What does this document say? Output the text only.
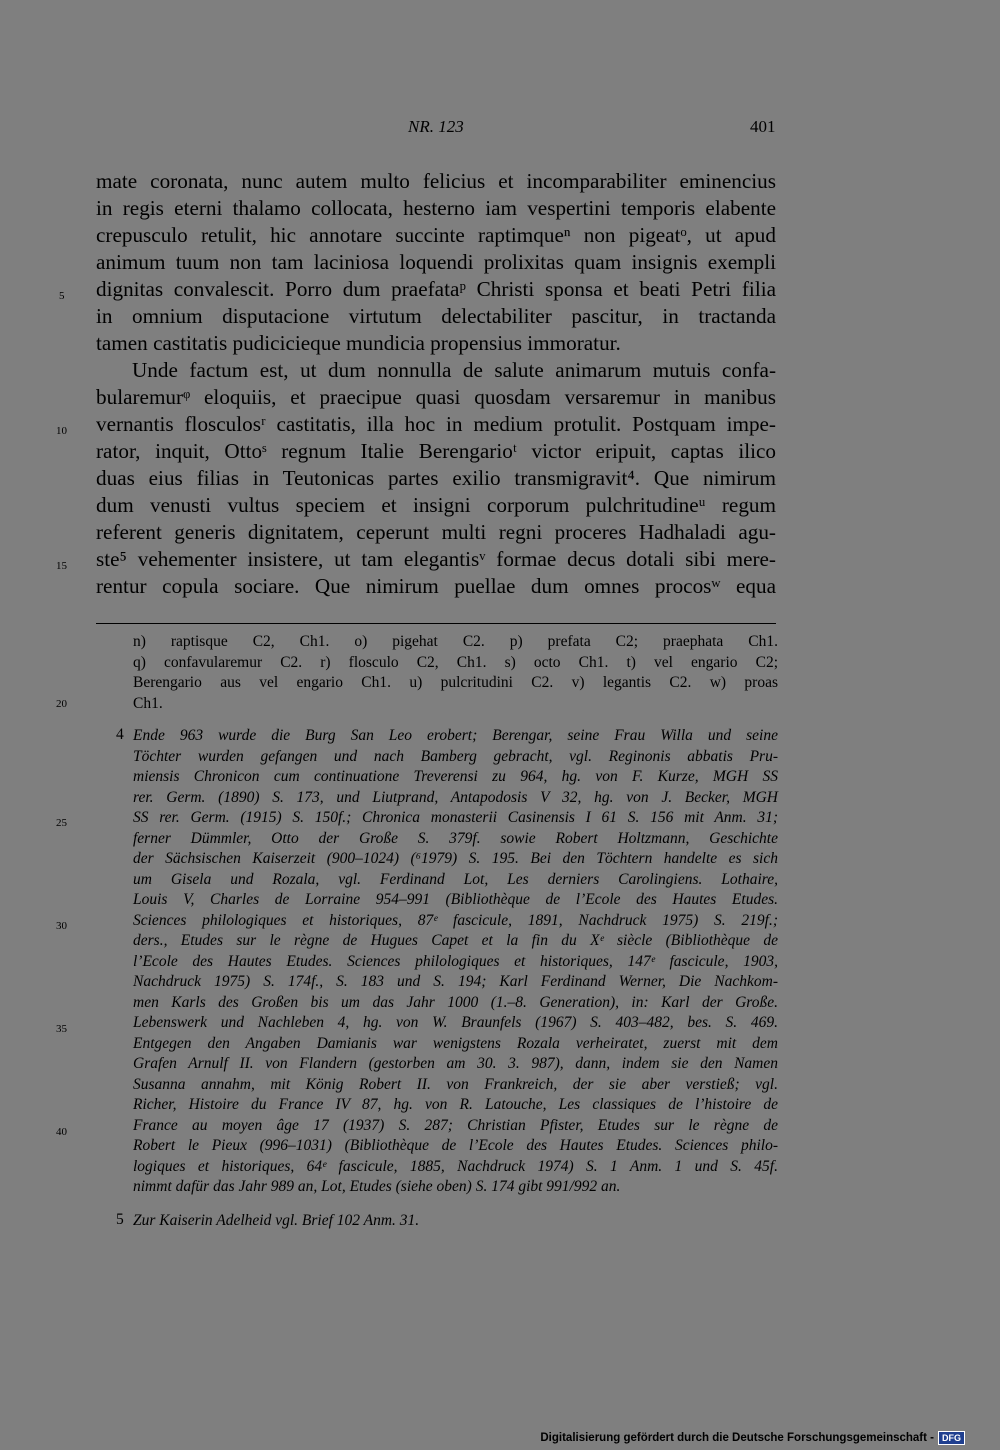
NR. 123	401
mate coronata, nunc autem multo felicius et incomparabiliter eminencius
in regis eterni thalamo collocata, hesterno iam vespertini temporis elabente
crepusculo retulit, hic annotare succinte raptimqueⁿ non pigeatᵒ, ut apud
animum tuum non tam laciniosa loquendi prolixitas quam insignis exempli
dignitas convalescit. Porro dum praefataᵖ Christi sponsa et beati Petri filia
in omnium disputacione virtutum delectabiliter pascitur, in tractanda
tamen castitatis pudicicieque mundicia propensius immoratur.
Unde factum est, ut dum nonnulla de salute animarum mutuis confa-
bularemurᵠ eloquiis, et praecipue quasi quosdam versaremur in manibus
vernantis flosculosʳ castitatis, illa hoc in medium protulit. Postquam impe-
rator, inquit, Ottoˢ regnum Italie Berengarioᵗ victor eripuit, captas ilico
duas eius filias in Teutonicas partes exilio transmigravit⁴. Que nimirum
dum venusti vultus speciem et insigni corporum pulchritudineᵘ regum
referent generis dignitatem, ceperunt multi regni proceres Hadhaladi agu-
ste⁵ vehementer insistere, ut tam elegantisᵛ formae decus dotali sibi mere-
rentur copula sociare. Que nimirum puellae dum omnes procosʷ equa
5
10
15
n) raptisque C2, Ch1. o) pigehat C2. p) prefata C2; praephata Ch1.
q) confavularemur C2. r) flosculo C2, Ch1. s) octo Ch1. t) vel engario C2;
Berengario aus vel engario Ch1. u) pulcritudini C2. v) legantis C2. w) proas
Ch1.
4 Ende 963 wurde die Burg San Leo erobert; Berengar, seine Frau Willa und seine
Töchter wurden gefangen und nach Bamberg gebracht, vgl. Reginonis abbatis Pru-
miensis Chronicon cum continuatione Treverensi zu 964, hg. von F. Kurze, MGH SS
rer. Germ. (1890) S. 173, und Liutprand, Antapodosis V 32, hg. von J. Becker, MGH
SS rer. Germ. (1915) S. 150f.; Chronica monasterii Casinensis I 61 S. 156 mit Anm. 31;
ferner Dümmler, Otto der Große S. 379f. sowie Robert Holtzmann, Geschichte
der Sächsischen Kaiserzeit (900–1024) (⁶1979) S. 195. Bei den Töchtern handelte es sich
um Gisela und Rozala, vgl. Ferdinand Lot, Les derniers Carolingiens. Lothaire,
Louis V, Charles de Lorraine 954–991 (Bibliothèque de l’Ecole des Hautes Etudes.
Sciences philologiques et historiques, 87ᵉ fascicule, 1891, Nachdruck 1975) S. 219f.;
ders., Etudes sur le règne de Hugues Capet et la fin du Xᵉ siècle (Bibliothèque de
l’Ecole des Hautes Etudes. Sciences philologiques et historiques, 147ᵉ fascicule, 1903,
Nachdruck 1975) S. 174f., S. 183 und S. 194; Karl Ferdinand Werner, Die Nachkom-
men Karls des Großen bis um das Jahr 1000 (1.–8. Generation), in: Karl der Große.
Lebenswerk und Nachleben 4, hg. von W. Braunfels (1967) S. 403–482, bes. S. 469.
Entgegen den Angaben Damianis war wenigstens Rozala verheiratet, zuerst mit dem
Grafen Arnulf II. von Flandern (gestorben am 30. 3. 987), dann, indem sie den Namen
Susanna annahm, mit König Robert II. von Frankreich, der sie aber verstieß; vgl.
Richer, Histoire du France IV 87, hg. von R. Latouche, Les classiques de l’histoire de
France au moyen âge 17 (1937) S. 287; Christian Pfister, Etudes sur le règne de
Robert le Pieux (996–1031) (Bibliothèque de l’Ecole des Hautes Etudes. Sciences philo-
logiques et historiques, 64ᵉ fascicule, 1885, Nachdruck 1974) S. 1 Anm. 1 und S. 45f.
nimmt dafür das Jahr 989 an, Lot, Etudes (siehe oben) S. 174 gibt 991/992 an.
5 Zur Kaiserin Adelheid vgl. Brief 102 Anm. 31.
20
25
30
35
40
Digitalisierung gefördert durch die Deutsche Forschungsgemeinschaft - DFG
